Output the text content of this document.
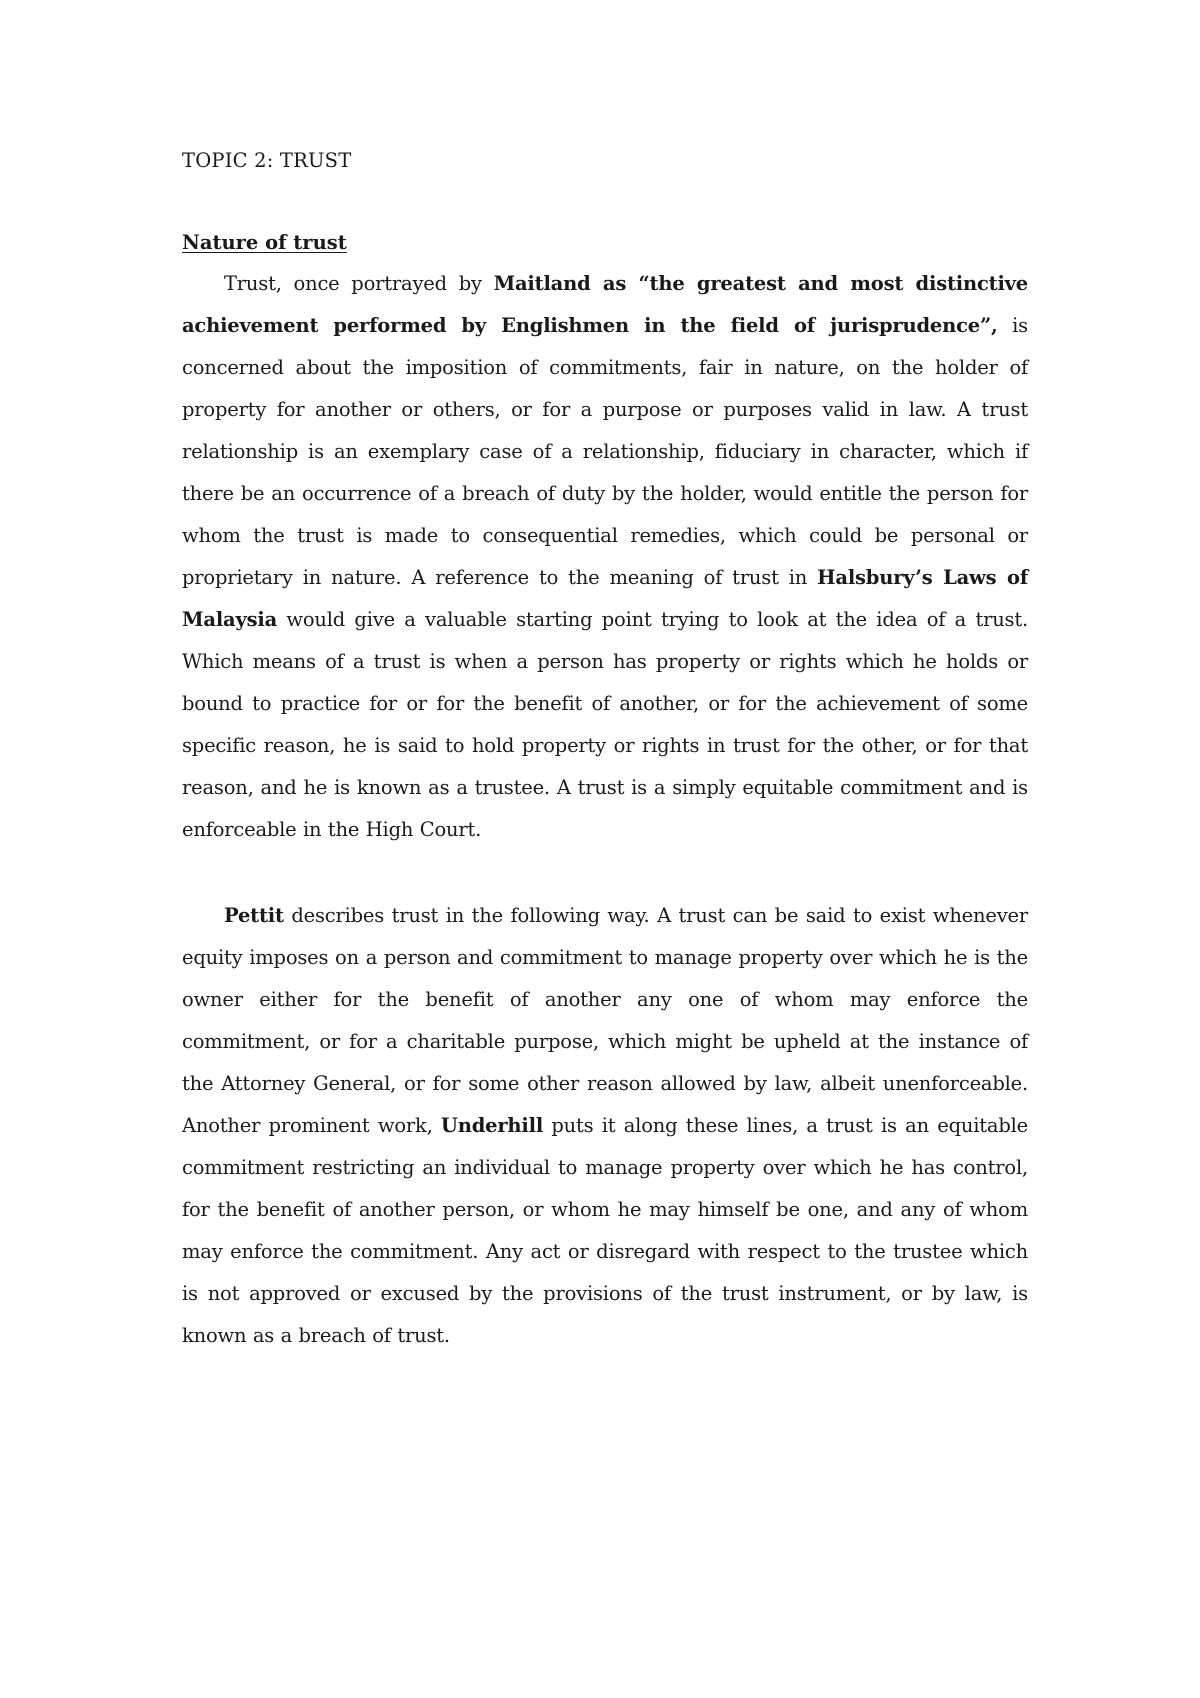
TOPIC 2: TRUST

Nature of trust

Trust, once portrayed by Maitland as “the greatest and most distinctive achievement performed by Englishmen in the field of jurisprudence”, is concerned about the imposition of commitments, fair in nature, on the holder of property for another or others, or for a purpose or purposes valid in law. A trust relationship is an exemplary case of a relationship, fiduciary in character, which if there be an occurrence of a breach of duty by the holder, would entitle the person for whom the trust is made to consequential remedies, which could be personal or proprietary in nature. A reference to the meaning of trust in Halsbury’s Laws of Malaysia would give a valuable starting point trying to look at the idea of a trust. Which means of a trust is when a person has property or rights which he holds or bound to practice for or for the benefit of another, or for the achievement of some specific reason, he is said to hold property or rights in trust for the other, or for that reason, and he is known as a trustee. A trust is a simply equitable commitment and is enforceable in the High Court.

Pettit describes trust in the following way. A trust can be said to exist whenever equity imposes on a person and commitment to manage property over which he is the owner either for the benefit of another any one of whom may enforce the commitment, or for a charitable purpose, which might be upheld at the instance of the Attorney General, or for some other reason allowed by law, albeit unenforceable. Another prominent work, Underhill puts it along these lines, a trust is an equitable commitment restricting an individual to manage property over which he has control, for the benefit of another person, or whom he may himself be one, and any of whom may enforce the commitment. Any act or disregard with respect to the trustee which is not approved or excused by the provisions of the trust instrument, or by law, is known as a breach of trust.
